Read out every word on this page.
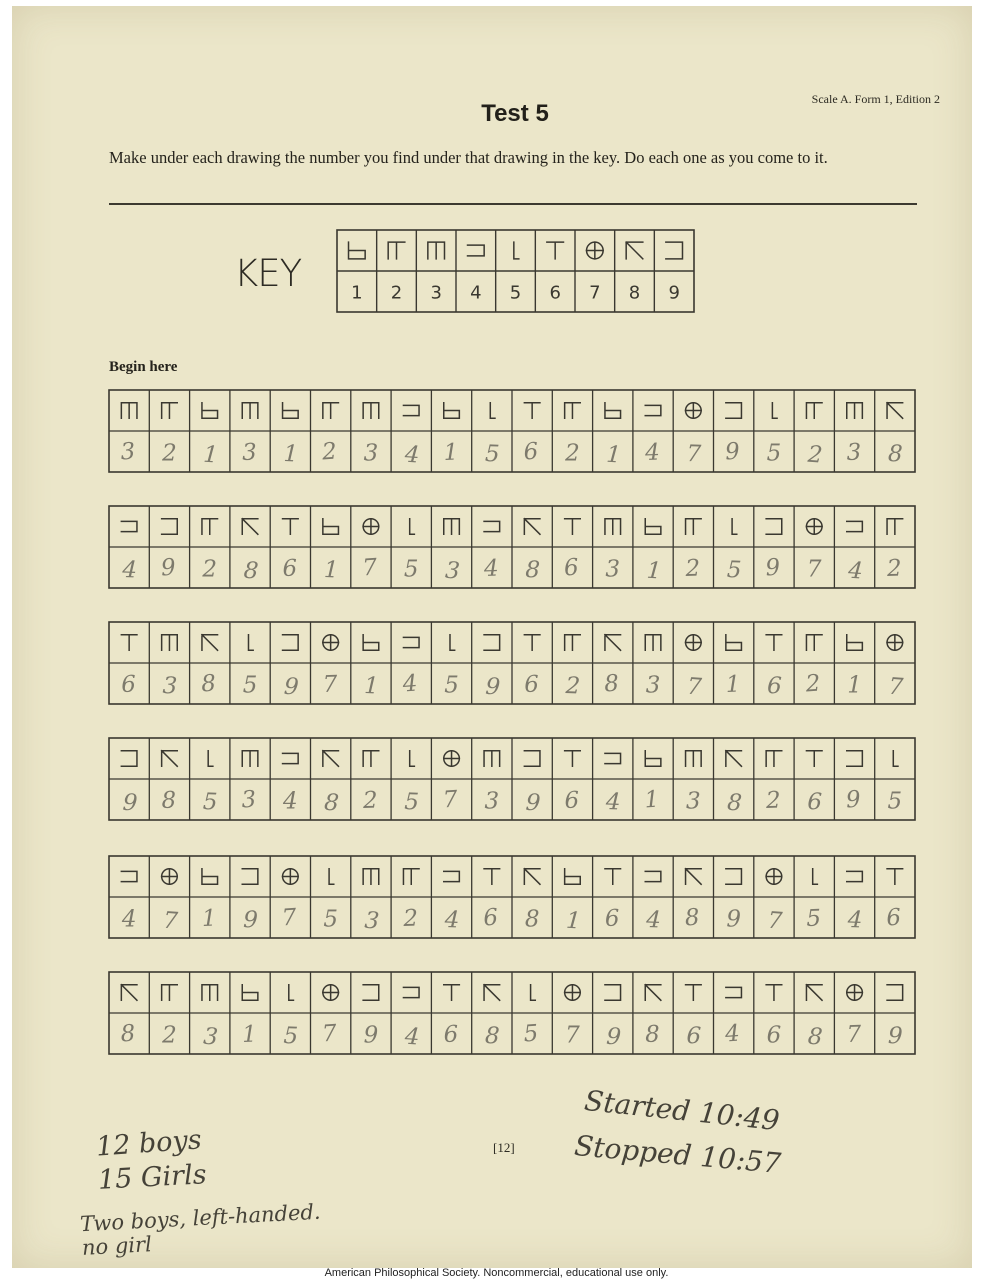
Scale A. Form 1, Edition 2
Test 5
Make under each drawing the number you find under that drawing in the key. Do each one as you come to it.
KEY
Begin here
1 2 3 4 5 6 7 8 9
3 2 1 3 1 2 3 4 1 5 6 2 1 4 7 9 5 2 3 8
4 9 2 8 6 1 7 5 3 4 8 6 3 1 2 5 9 7 4 2
6 3 8 5 9 7 1 4 5 9 6 2 8 3 7 1 6 2 1 7
9 8 5 3 4 8 2 5 7 3 9 6 4 1 3 8 2 6 9 5
4 7 1 9 7 5 3 2 4 6 8 1 6 4 8 9 7 5 4 6
8 2 3 1 5 7 9 4 6 8 5 7 9 8 6 4 6 8 7 9
[12]
12 boys
15 Girls
Two boys, left-handed.
no girl
Started 10:49
Stopped 10:57
American Philosophical Society. Noncommercial, educational use only.
